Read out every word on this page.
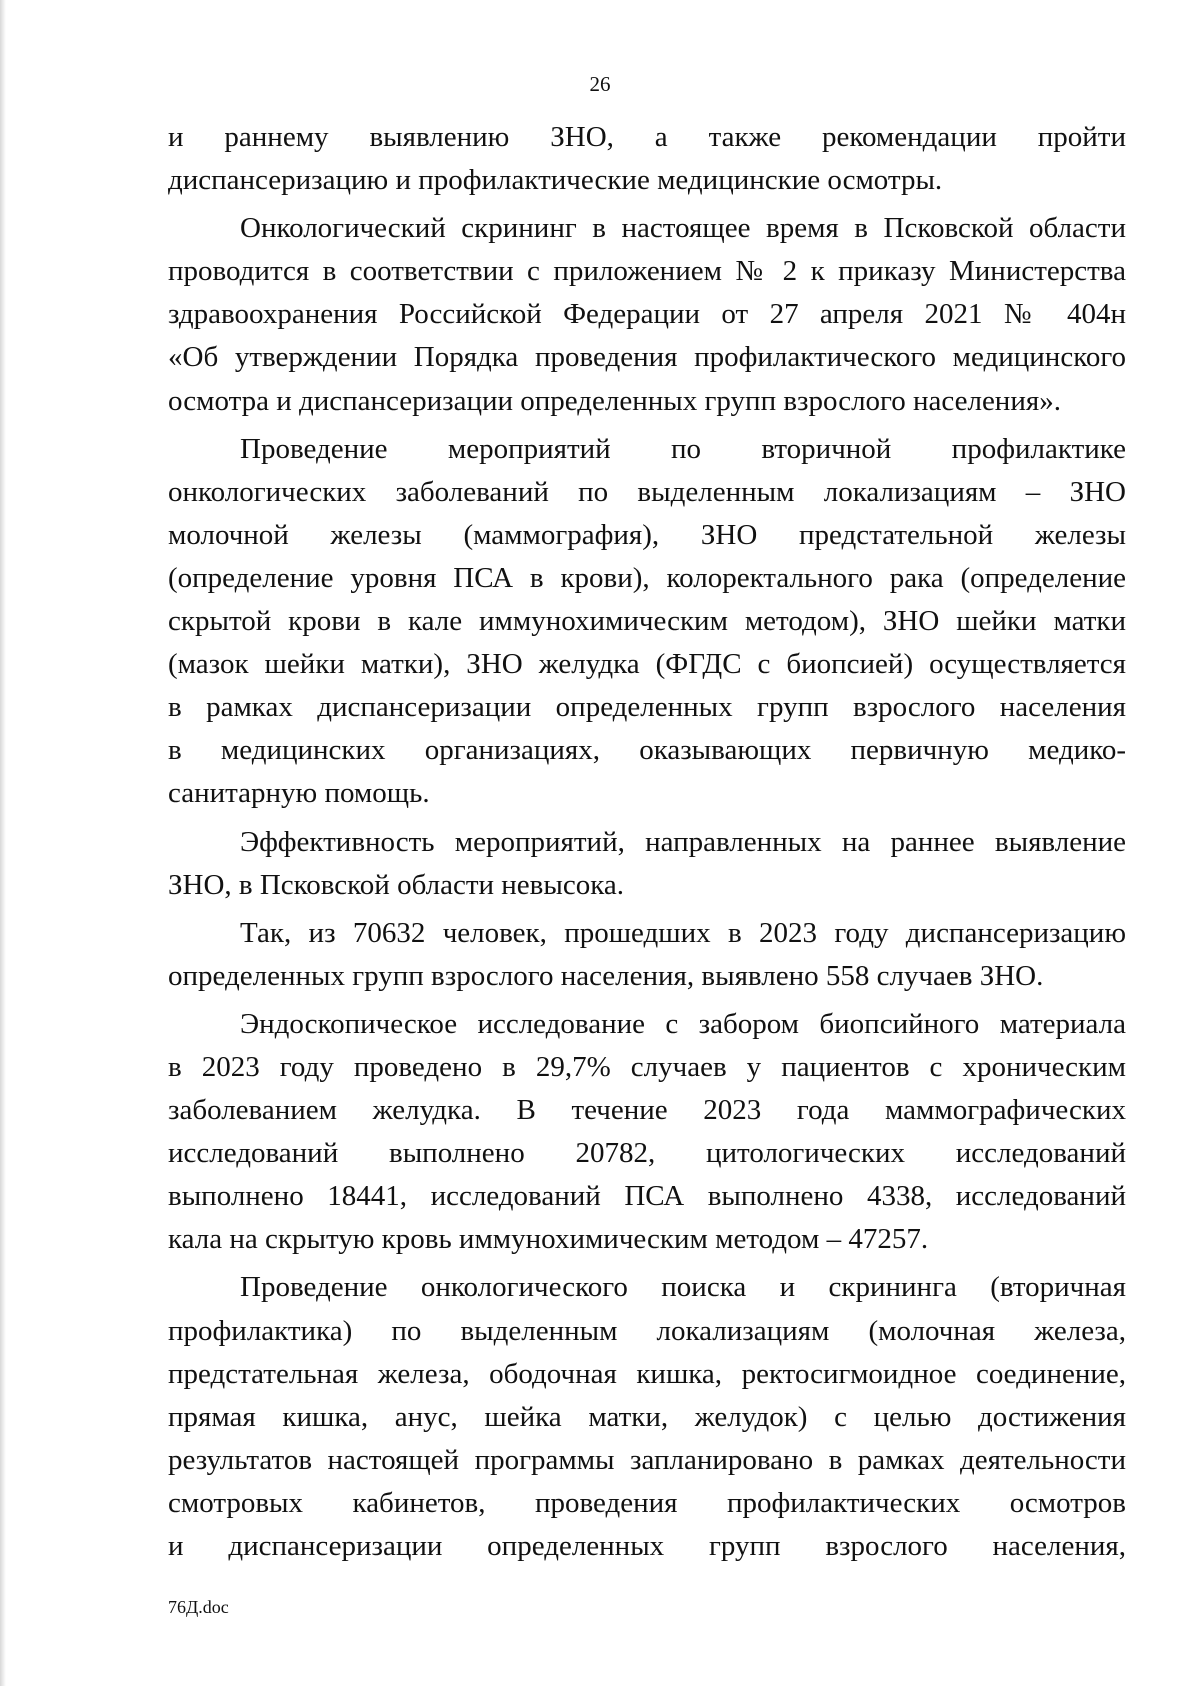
26

и раннему выявлению ЗНО, а также рекомендации пройти
диспансеризацию и профилактические медицинские осмотры.

Онкологический скрининг в настоящее время в Псковской области
проводится в соответствии с приложением № 2 к приказу Министерства
здравоохранения Российской Федерации от 27 апреля 2021 № 404н
«Об утверждении Порядка проведения профилактического медицинского
осмотра и диспансеризации определенных групп взрослого населения».

Проведение мероприятий по вторичной профилактике
онкологических заболеваний по выделенным локализациям – ЗНО
молочной железы (маммография), ЗНО предстательной железы
(определение уровня ПСА в крови), колоректального рака (определение
скрытой крови в кале иммунохимическим методом), ЗНО шейки матки
(мазок шейки матки), ЗНО желудка (ФГДС с биопсией) осуществляется
в рамках диспансеризации определенных групп взрослого населения
в медицинских организациях, оказывающих первичную медико-
санитарную помощь.

Эффективность мероприятий, направленных на раннее выявление
ЗНО, в Псковской области невысока.

Так, из 70632 человек, прошедших в 2023 году диспансеризацию
определенных групп взрослого населения, выявлено 558 случаев ЗНО.

Эндоскопическое исследование с забором биопсийного материала
в 2023 году проведено в 29,7% случаев у пациентов с хроническим
заболеванием желудка. В течение 2023 года маммографических
исследований выполнено 20782, цитологических исследований
выполнено 18441, исследований ПСА выполнено 4338, исследований
кала на скрытую кровь иммунохимическим методом – 47257.

Проведение онкологического поиска и скрининга (вторичная
профилактика) по выделенным локализациям (молочная железа,
предстательная железа, ободочная кишка, ректосигмоидное соединение,
прямая кишка, анус, шейка матки, желудок) с целью достижения
результатов настоящей программы запланировано в рамках деятельности
смотровых кабинетов, проведения профилактических осмотров
и диспансеризации определенных групп взрослого населения,

76Д.doc
